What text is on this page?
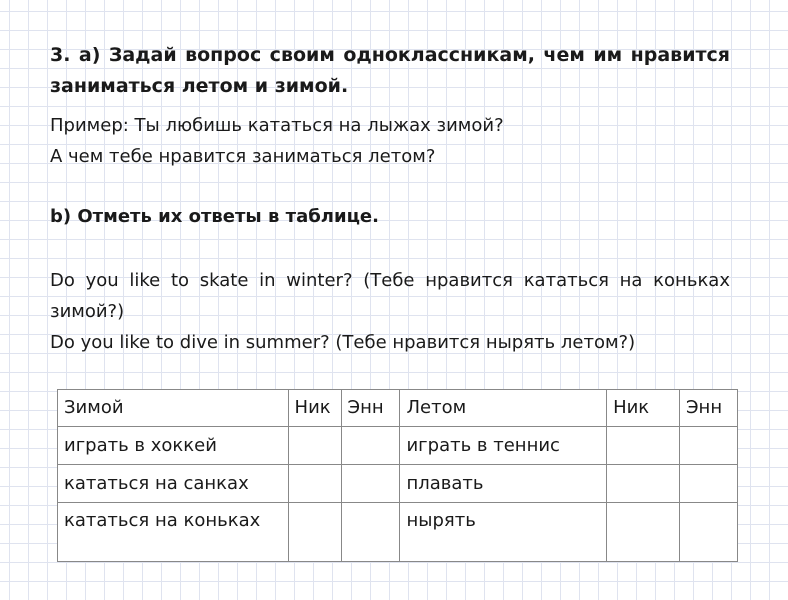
3. a) Задай вопрос своим одноклассникам, чем им нравится заниматься летом и зимой.

Пример: Ты любишь кататься на лыжах зимой?
А чем тебе нравится заниматься летом?

b) Отметь их ответы в таблице.

Do you like to skate in winter? (Тебе нравится кататься на коньках зимой?)
Do you like to dive in summer? (Тебе нравится нырять летом?)
Зимой	Ник	Энн	Летом	Ник	Энн
играть в хоккей			играть в теннис		
кататься на санках			плавать		
кататься на коньках			нырять		
